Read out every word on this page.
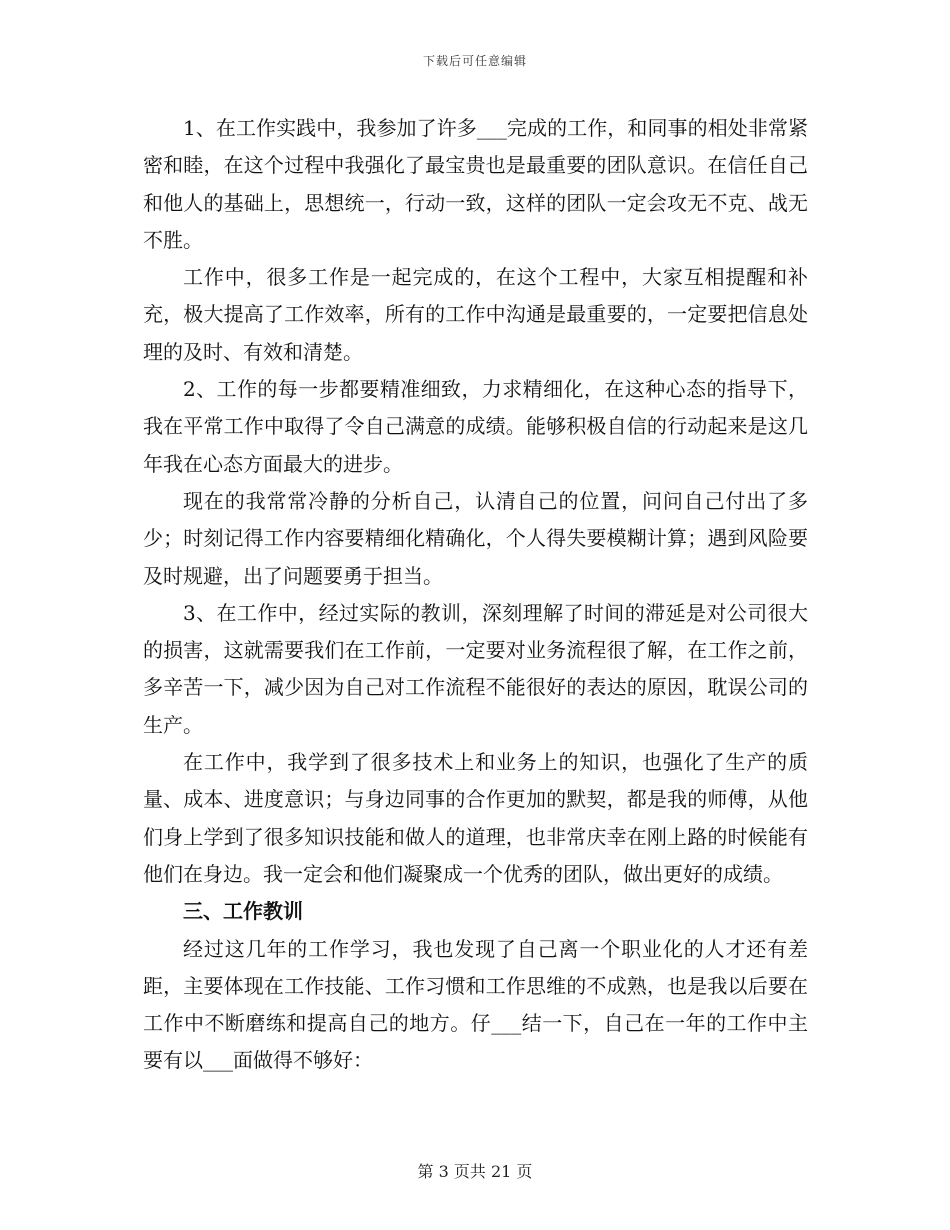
下载后可任意编辑

1、在工作实践中，我参加了许多___完成的工作，和同事的相处非常紧密和睦，在这个过程中我强化了最宝贵也是最重要的团队意识。在信任自己和他人的基础上，思想统一，行动一致，这样的团队一定会攻无不克、战无不胜。

工作中，很多工作是一起完成的，在这个工程中，大家互相提醒和补充，极大提高了工作效率，所有的工作中沟通是最重要的，一定要把信息处理的及时、有效和清楚。

2、工作的每一步都要精准细致，力求精细化，在这种心态的指导下，我在平常工作中取得了令自己满意的成绩。能够积极自信的行动起来是这几年我在心态方面最大的进步。

现在的我常常冷静的分析自己，认清自己的位置，问问自己付出了多少；时刻记得工作内容要精细化精确化，个人得失要模糊计算；遇到风险要及时规避，出了问题要勇于担当。

3、在工作中，经过实际的教训，深刻理解了时间的滞延是对公司很大的损害，这就需要我们在工作前，一定要对业务流程很了解，在工作之前，多辛苦一下，减少因为自己对工作流程不能很好的表达的原因，耽误公司的生产。

在工作中，我学到了很多技术上和业务上的知识，也强化了生产的质量、成本、进度意识；与身边同事的合作更加的默契，都是我的师傅，从他们身上学到了很多知识技能和做人的道理，也非常庆幸在刚上路的时候能有他们在身边。我一定会和他们凝聚成一个优秀的团队，做出更好的成绩。

三、工作教训

经过这几年的工作学习，我也发现了自己离一个职业化的人才还有差距，主要体现在工作技能、工作习惯和工作思维的不成熟，也是我以后要在工作中不断磨练和提高自己的地方。仔___结一下，自己在一年的工作中主要有以___面做得不够好：

第 3 页共 21 页
